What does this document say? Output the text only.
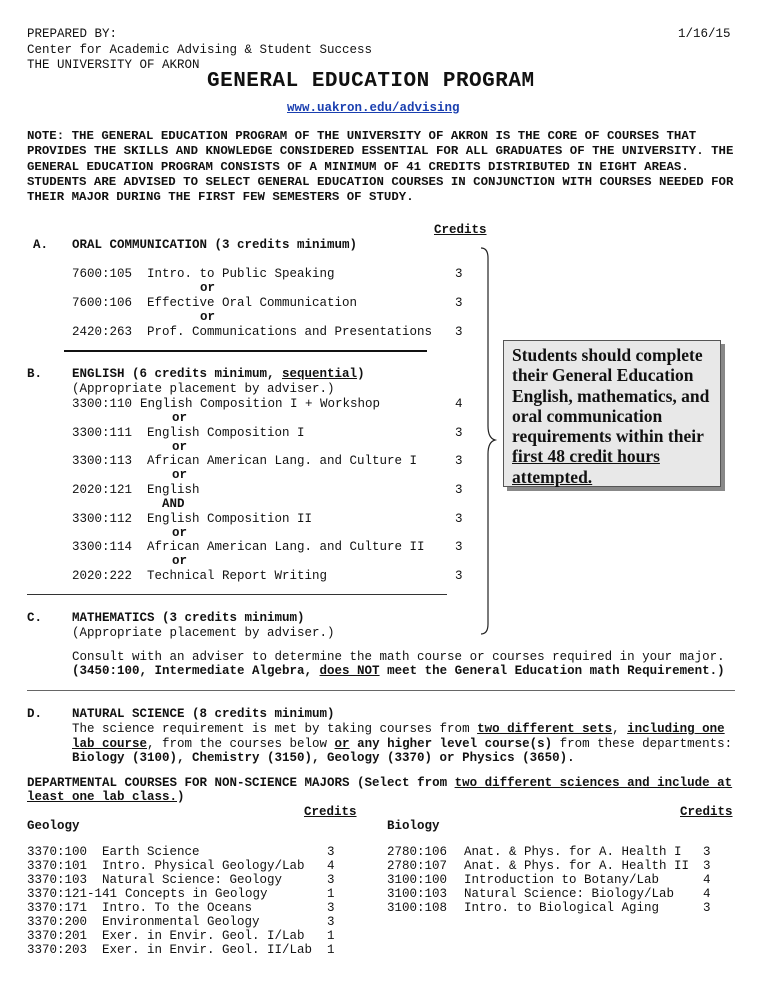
PREPARED BY:
Center for Academic Advising & Student Success
THE UNIVERSITY OF AKRON
1/16/15
GENERAL EDUCATION PROGRAM
www.uakron.edu/advising
NOTE: THE GENERAL EDUCATION PROGRAM OF THE UNIVERSITY OF AKRON IS THE CORE OF COURSES THAT PROVIDES THE SKILLS AND KNOWLEDGE CONSIDERED ESSENTIAL FOR ALL GRADUATES OF THE UNIVERSITY. THE GENERAL EDUCATION PROGRAM CONSISTS OF A MINIMUM OF 41 CREDITS DISTRIBUTED IN EIGHT AREAS. STUDENTS ARE ADVISED TO SELECT GENERAL EDUCATION COURSES IN CONJUNCTION WITH COURSES NEEDED FOR THEIR MAJOR DURING THE FIRST FEW SEMESTERS OF STUDY.
Credits
A. ORAL COMMUNICATION (3 credits minimum)
7600:105 Intro. to Public Speaking	3
or
7600:106 Effective Oral Communication	3
or
2420:263 Prof. Communications and Presentations 3
Students should complete their General Education English, mathematics, and oral communication requirements within their first 48 credit hours attempted.
B. ENGLISH (6 credits minimum, sequential)
(Appropriate placement by adviser.)
3300:110 English Composition I + Workshop	4
or
3300:111 English Composition I	3
or
3300:113 African American Lang. and Culture I	3
or
2020:121 English	3
AND
3300:112 English Composition II	3
or
3300:114 African American Lang. and Culture II 3
or
2020:222 Technical Report Writing	3
C. MATHEMATICS (3 credits minimum)
(Appropriate placement by adviser.)
Consult with an adviser to determine the math course or courses required in your major.
(3450:100, Intermediate Algebra, does NOT meet the General Education math Requirement.)
D. NATURAL SCIENCE (8 credits minimum)
The science requirement is met by taking courses from two different sets, including one
lab course, from the courses below or any higher level course(s) from these departments:
Biology (3100), Chemistry (3150), Geology (3370) or Physics (3650).
DEPARTMENTAL COURSES FOR NON-SCIENCE MAJORS (Select from two different sciences and include at
least one lab class.)
Credits
Geology
3370:100 Earth Science	3
3370:101 Intro. Physical Geology/Lab 4
3370:103 Natural Science: Geology	3
3370:121-141 Concepts in Geology	1
3370:171 Intro. To the Oceans	3
3370:200 Environmental Geology	3
3370:201 Exer. in Envir. Geol. I/Lab 1
3370:203 Exer. in Envir. Geol. II/Lab 1
Credits
Biology
2780:106 Anat. & Phys. for A. Health I 3
2780:107 Anat. & Phys. for A. Health II 3
3100:100 Introduction to Botany/Lab	4
3100:103 Natural Science: Biology/Lab 4
3100:108 Intro. to Biological Aging	3
